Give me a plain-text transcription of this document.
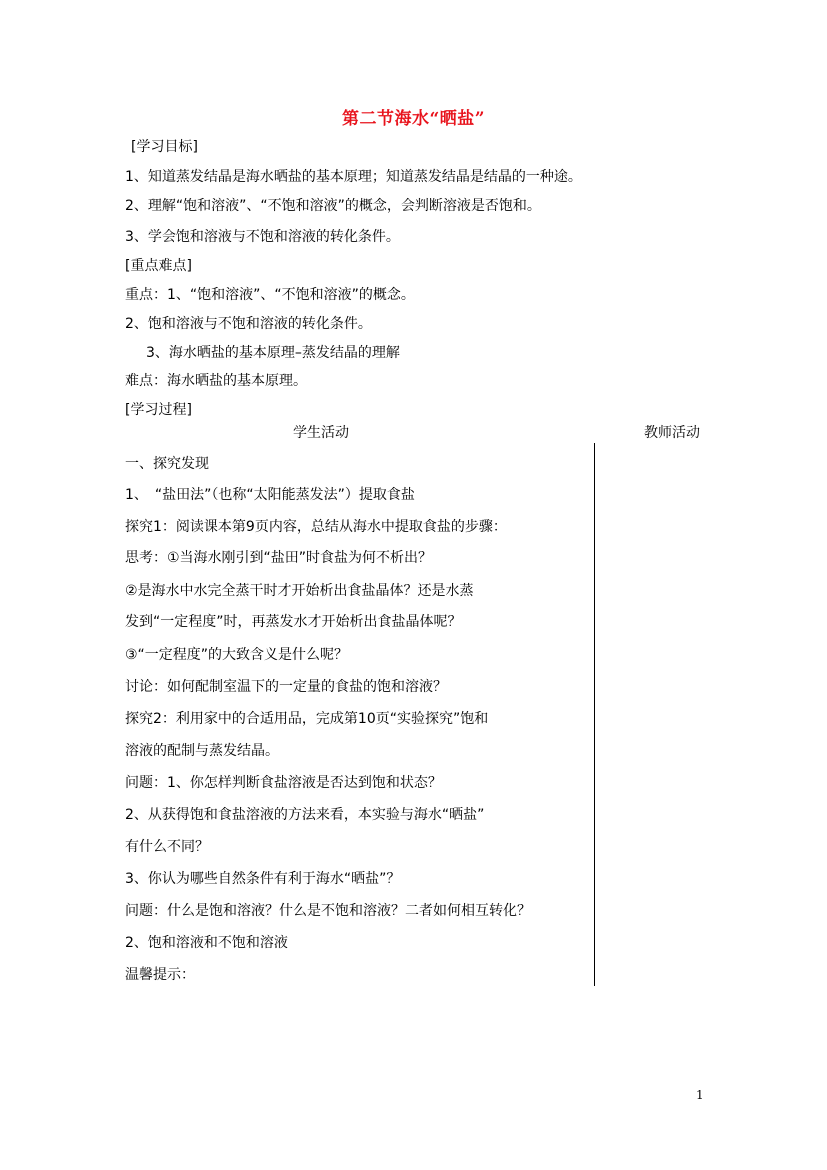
第二节海水“晒盐”
[学习目标]
1、知道蒸发结晶是海水晒盐的基本原理；知道蒸发结晶是结晶的一种途。
2、理解“饱和溶液”、“不饱和溶液”的概念，会判断溶液是否饱和。
3、学会饱和溶液与不饱和溶液的转化条件。
[重点难点]
重点：1、“饱和溶液”、“不饱和溶液”的概念。
2、饱和溶液与不饱和溶液的转化条件。
3、海水晒盐的基本原理–蒸发结晶的理解
难点：海水晒盐的基本原理。
[学习过程]
学生活动	教师活动
一、探究发现
1、　“盐田法”（也称“太阳能蒸发法”）提取食盐
探究1：阅读课本第9页内容，总结从海水中提取食盐的步骤：
思考：①当海水刚引到“盐田”时食盐为何不析出？
②是海水中水完全蒸干时才开始析出食盐晶体？还是水蒸
发到“一定程度”时，再蒸发水才开始析出食盐晶体呢？
③“一定程度”的大致含义是什么呢？
讨论：如何配制室温下的一定量的食盐的饱和溶液？
探究2：利用家中的合适用品，完成第10页“实验探究”饱和
溶液的配制与蒸发结晶。
问题：1、你怎样判断食盐溶液是否达到饱和状态？
2、从获得饱和食盐溶液的方法来看，本实验与海水“晒盐”
有什么不同？
3、你认为哪些自然条件有利于海水“晒盐”？
问题：什么是饱和溶液？什么是不饱和溶液？二者如何相互转化？
2、饱和溶液和不饱和溶液
温馨提示：
1
